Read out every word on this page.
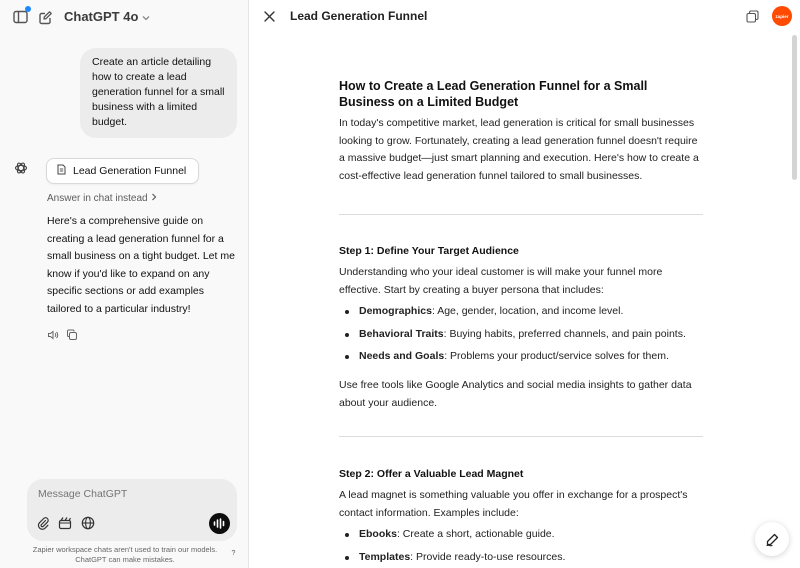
ChatGPT 4o
Create an article detailing how to create a lead generation funnel for a small business with a limited budget.
Lead Generation Funnel
Answer in chat instead
Here's a comprehensive guide on creating a lead generation funnel for a small business on a tight budget. Let me know if you'd like to expand on any specific sections or add examples tailored to a particular industry!
Message ChatGPT
Zapier workspace chats aren't used to train our models. ChatGPT can make mistakes.
?
Lead Generation Funnel	zapier
How to Create a Lead Generation Funnel for a Small Business on a Limited Budget
In today's competitive market, lead generation is critical for small businesses looking to grow. Fortunately, creating a lead generation funnel doesn't require a massive budget—just smart planning and execution. Here's how to create a cost-effective lead generation funnel tailored to small businesses.
Step 1: Define Your Target Audience
Understanding who your ideal customer is will make your funnel more effective. Start by creating a buyer persona that includes:
Demographics: Age, gender, location, and income level.
Behavioral Traits: Buying habits, preferred channels, and pain points.
Needs and Goals: Problems your product/service solves for them.
Use free tools like Google Analytics and social media insights to gather data about your audience.
Step 2: Offer a Valuable Lead Magnet
A lead magnet is something valuable you offer in exchange for a prospect's contact information. Examples include:
Ebooks: Create a short, actionable guide.
Templates: Provide ready-to-use resources.
